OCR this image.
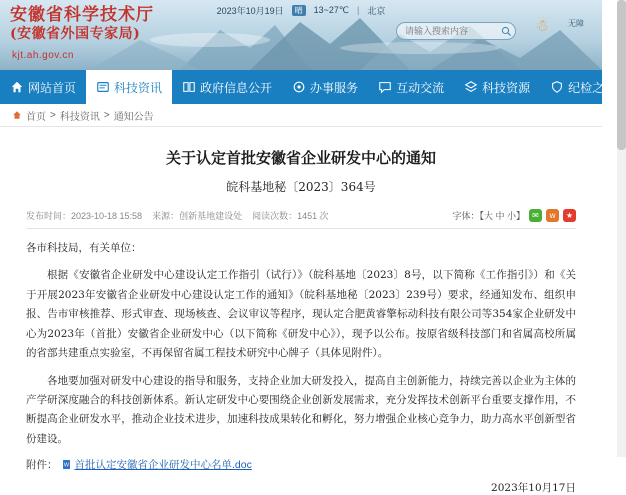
2023年10月19日	晴	13~27℃ | 北京
安徽省科学技术厅
(安徽省外国专家局)
kjt.ah.gov.cn
请输入搜索内容
☃	无障
网站首页	科技资讯	政府信息公开	办事服务	互动交流	科技资源	纪检之窗
首页 > 科技资讯 > 通知公告
关于认定首批安徽省企业研发中心的通知
皖科基地秘〔2023〕364号
发布时间：2023-10-18 15:58 来源：创新基地建设处 阅读次数：1451 次	字体：【大 中 小】 ✉	w	★

各市科技局，有关单位：

根据《安徽省企业研发中心建设认定工作指引（试行）》（皖科基地〔2023〕8号，以下简称《工作指引》）和《关于开展2023年安徽省企业研发中心建设认定工作的通知》（皖科基地秘〔2023〕239号）要求，经通知发布、组织申报、告市审核推荐、形式审查、现场核查、会议审议等程序，现认定合肥黄睿擎标动科技有限公司等354家企业研发中心为2023年（首批）安徽省企业研发中心（以下简称《研发中心》），现予以公布。按原省级科技部门和省属高校所属的省部共建重点实验室，不再保留省属工程技术研究中心牌子（具体见附件）。

各地要加强对研发中心建设的指导和服务，支持企业加大研发投入，提高自主创新能力，持续完善以企业为主体的产学研深度融合的科技创新体系。新认定研发中心要围绕企业创新发展需求，充分发挥技术创新平台重要支撑作用，不断提高企业研发水平，推动企业技术进步，加速科技成果转化和孵化，努力增强企业核心竞争力，助力高水平创新型省份建设。

附件： W 首批认定安徽省企业研发中心名单.doc
2023年10月17日
